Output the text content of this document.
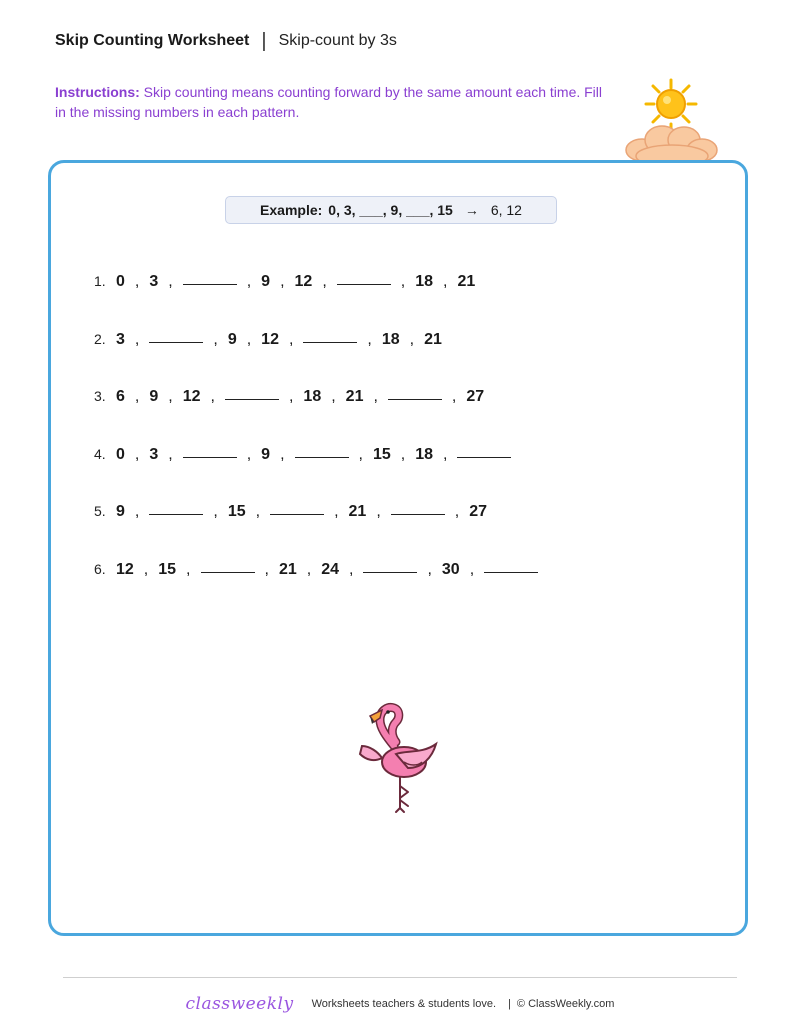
Skip Counting Worksheet | Skip-count by 3s
Instructions: Skip counting means counting forward by the same amount each time. Fill in the missing numbers in each pattern.
Example: 0, 3, ___, 9, ___, 15 → 6, 12
1. 0 , 3 ,	, 9 , 12 ,	, 18 , 21
2. 3 ,	, 9 , 12 ,	, 18 , 21
3. 6 , 9 , 12 ,	, 18 , 21 ,	, 27
4. 0 , 3 ,	, 9 ,	, 15 , 18 ,
5. 9 ,	, 15 ,	, 21 ,	, 27
6. 12 , 15 ,	, 21 , 24 ,	, 30 ,
classweekly Worksheets teachers & students love. | © ClassWeekly.com
